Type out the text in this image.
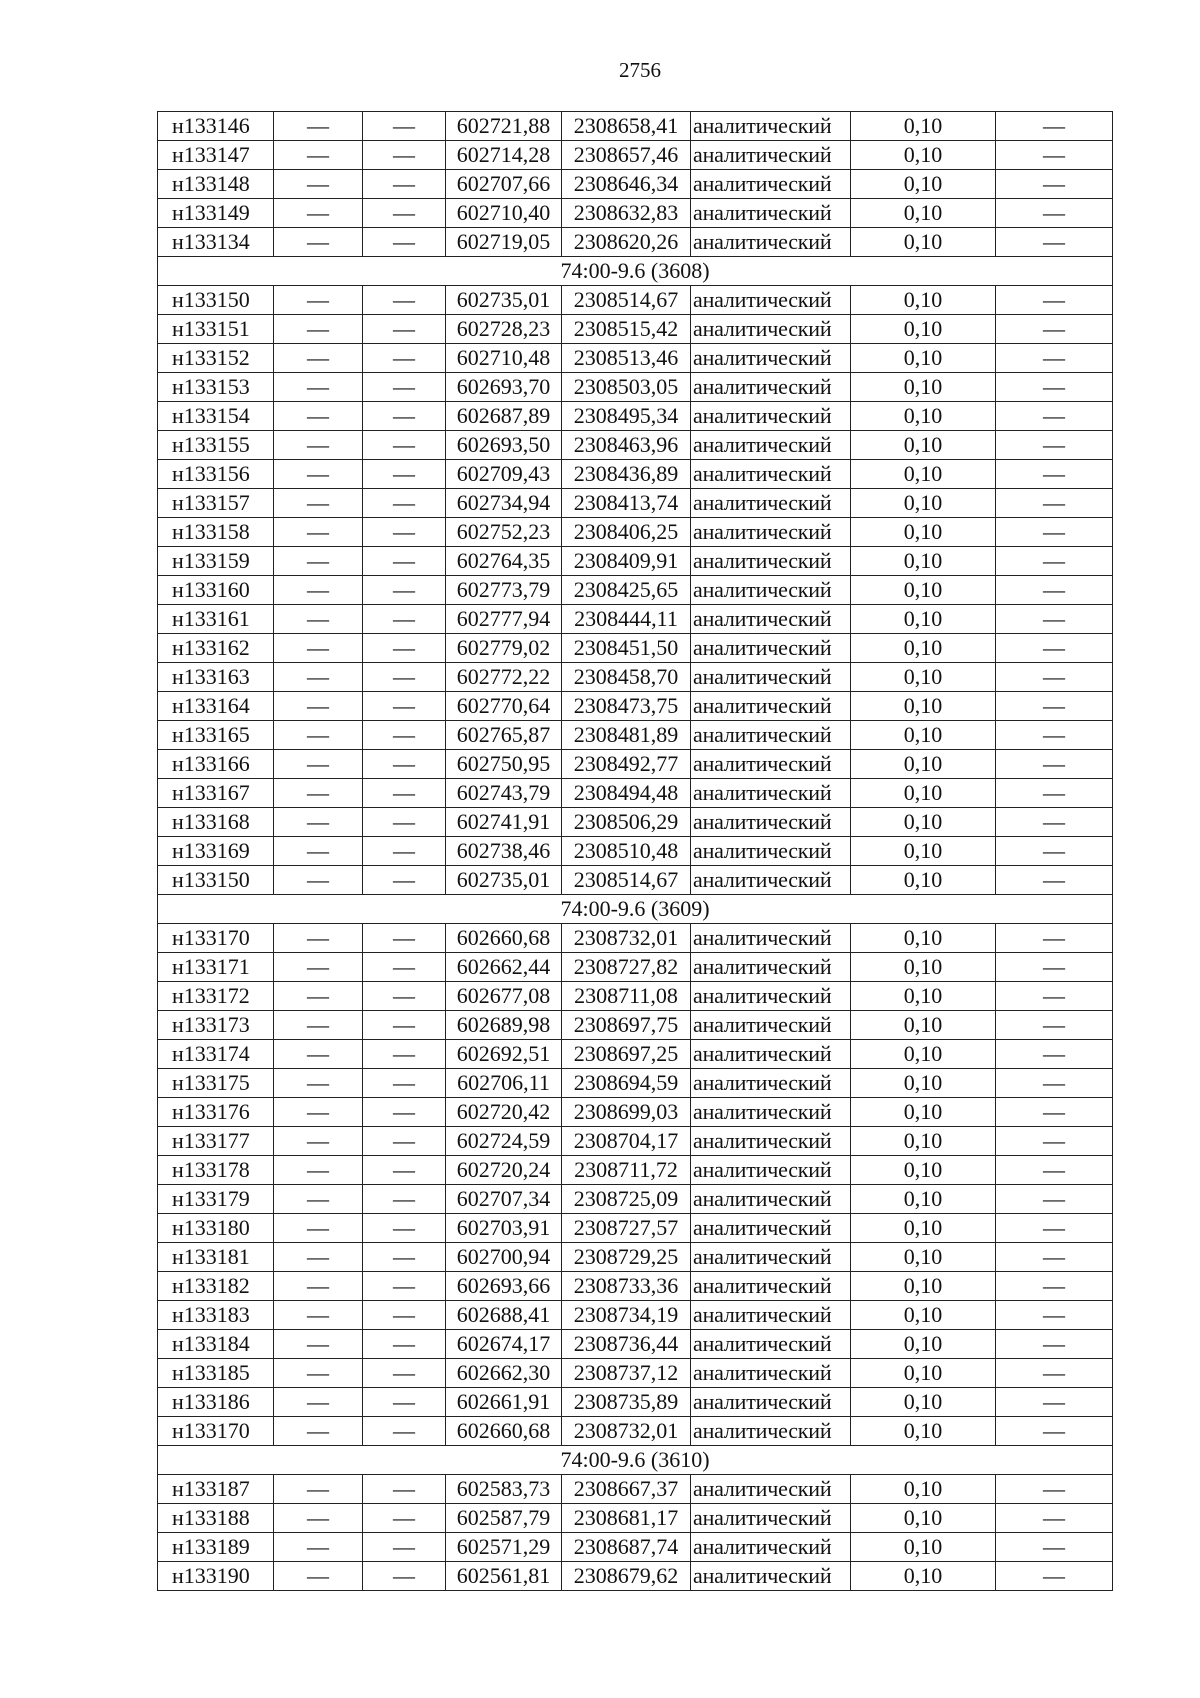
2756
н133146	—	—	602721,88	2308658,41	аналитический	0,10	—
н133147	—	—	602714,28	2308657,46	аналитический	0,10	—
н133148	—	—	602707,66	2308646,34	аналитический	0,10	—
н133149	—	—	602710,40	2308632,83	аналитический	0,10	—
н133134	—	—	602719,05	2308620,26	аналитический	0,10	—
74:00-9.6 (3608)							
н133150	—	—	602735,01	2308514,67	аналитический	0,10	—
н133151	—	—	602728,23	2308515,42	аналитический	0,10	—
н133152	—	—	602710,48	2308513,46	аналитический	0,10	—
н133153	—	—	602693,70	2308503,05	аналитический	0,10	—
н133154	—	—	602687,89	2308495,34	аналитический	0,10	—
н133155	—	—	602693,50	2308463,96	аналитический	0,10	—
н133156	—	—	602709,43	2308436,89	аналитический	0,10	—
н133157	—	—	602734,94	2308413,74	аналитический	0,10	—
н133158	—	—	602752,23	2308406,25	аналитический	0,10	—
н133159	—	—	602764,35	2308409,91	аналитический	0,10	—
н133160	—	—	602773,79	2308425,65	аналитический	0,10	—
н133161	—	—	602777,94	2308444,11	аналитический	0,10	—
н133162	—	—	602779,02	2308451,50	аналитический	0,10	—
н133163	—	—	602772,22	2308458,70	аналитический	0,10	—
н133164	—	—	602770,64	2308473,75	аналитический	0,10	—
н133165	—	—	602765,87	2308481,89	аналитический	0,10	—
н133166	—	—	602750,95	2308492,77	аналитический	0,10	—
н133167	—	—	602743,79	2308494,48	аналитический	0,10	—
н133168	—	—	602741,91	2308506,29	аналитический	0,10	—
н133169	—	—	602738,46	2308510,48	аналитический	0,10	—
н133150	—	—	602735,01	2308514,67	аналитический	0,10	—
74:00-9.6 (3609)							
н133170	—	—	602660,68	2308732,01	аналитический	0,10	—
н133171	—	—	602662,44	2308727,82	аналитический	0,10	—
н133172	—	—	602677,08	2308711,08	аналитический	0,10	—
н133173	—	—	602689,98	2308697,75	аналитический	0,10	—
н133174	—	—	602692,51	2308697,25	аналитический	0,10	—
н133175	—	—	602706,11	2308694,59	аналитический	0,10	—
н133176	—	—	602720,42	2308699,03	аналитический	0,10	—
н133177	—	—	602724,59	2308704,17	аналитический	0,10	—
н133178	—	—	602720,24	2308711,72	аналитический	0,10	—
н133179	—	—	602707,34	2308725,09	аналитический	0,10	—
н133180	—	—	602703,91	2308727,57	аналитический	0,10	—
н133181	—	—	602700,94	2308729,25	аналитический	0,10	—
н133182	—	—	602693,66	2308733,36	аналитический	0,10	—
н133183	—	—	602688,41	2308734,19	аналитический	0,10	—
н133184	—	—	602674,17	2308736,44	аналитический	0,10	—
н133185	—	—	602662,30	2308737,12	аналитический	0,10	—
н133186	—	—	602661,91	2308735,89	аналитический	0,10	—
н133170	—	—	602660,68	2308732,01	аналитический	0,10	—
74:00-9.6 (3610)							
н133187	—	—	602583,73	2308667,37	аналитический	0,10	—
н133188	—	—	602587,79	2308681,17	аналитический	0,10	—
н133189	—	—	602571,29	2308687,74	аналитический	0,10	—
н133190	—	—	602561,81	2308679,62	аналитический	0,10	—
